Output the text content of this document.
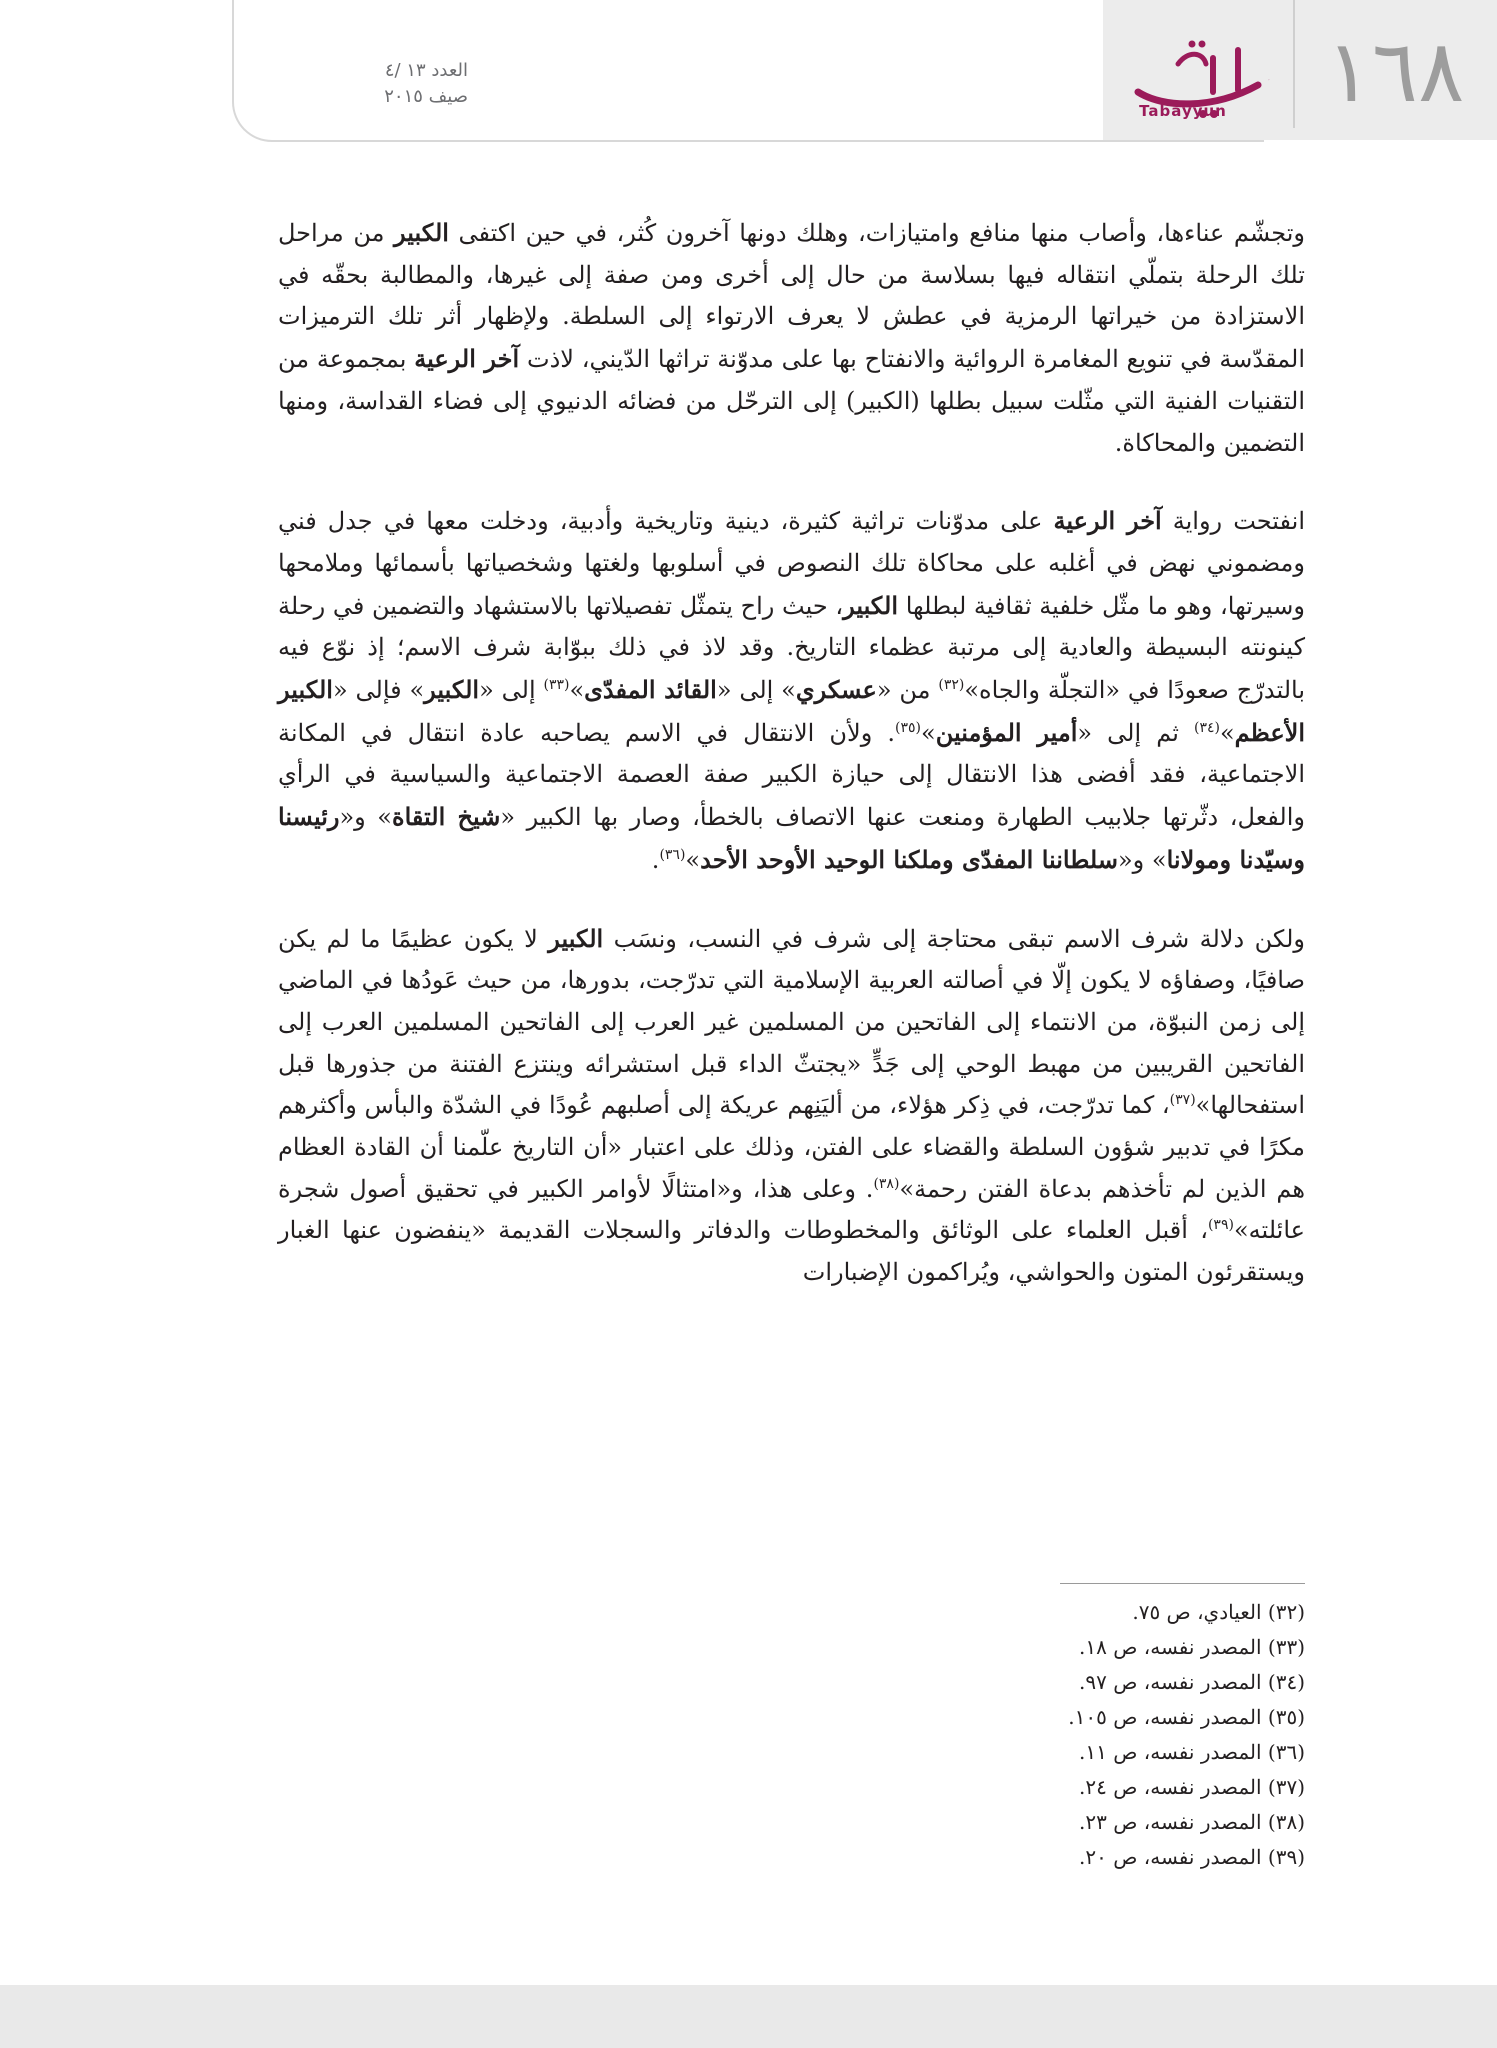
العدد ١٣ /٤
صيف ٢٠١٥
تبيّن
Tabayyun ١٦٨

وتجشّم عناءها، وأصاب منها منافع وامتيازات، وهلك دونها آخرون كُثر، في حين اكتفى الكبير من مراحل تلك الرحلة بتملّي انتقاله فيها بسلاسة من حال إلى أخرى ومن صفة إلى غيرها، والمطالبة بحقّه في الاستزادة من خيراتها الرمزية في عطش لا يعرف الارتواء إلى السلطة. ولإظهار أثر تلك الترميزات المقدّسة في تنويع المغامرة الروائية والانفتاح بها على مدوّنة تراثها الدّيني، لاذت آخر الرعية بمجموعة من التقنيات الفنية التي مثّلت سبيل بطلها (الكبير) إلى الترحّل من فضائه الدنيوي إلى فضاء القداسة، ومنها التضمين والمحاكاة.

انفتحت رواية آخر الرعية على مدوّنات تراثية كثيرة، دينية وتاريخية وأدبية، ودخلت معها في جدل فني ومضموني نهض في أغلبه على محاكاة تلك النصوص في أسلوبها ولغتها وشخصياتها بأسمائها وملامحها وسيرتها، وهو ما مثّل خلفية ثقافية لبطلها الكبير، حيث راح يتمثّل تفصيلاتها بالاستشهاد والتضمين في رحلة كينونته البسيطة والعادية إلى مرتبة عظماء التاريخ. وقد لاذ في ذلك ببوّابة شرف الاسم؛ إذ نوّع فيه بالتدرّج صعودًا في «التجلّة والجاه»$^{(٣٢)}$ من «عسكري» إلى «القائد المفدّى»$^{(٣٣)}$ إلى «الكبير» فإلى «الكبير الأعظم»$^{(٣٤)}$ ثم إلى «أمير المؤمنين»$^{(٣٥)}$. ولأن الانتقال في الاسم يصاحبه عادة انتقال في المكانة الاجتماعية، فقد أفضى هذا الانتقال إلى حيازة الكبير صفة العصمة الاجتماعية والسياسية في الرأي والفعل، دثّرتها جلابيب الطهارة ومنعت عنها الاتصاف بالخطأ، وصار بها الكبير «شيخ التقاة» و«رئيسنا وسيّدنا ومولانا» و«سلطاننا المفدّى وملكنا الوحيد الأوحد الأحد»$^{(٣٦)}$.

ولكن دلالة شرف الاسم تبقى محتاجة إلى شرف في النسب، ونسَب الكبير لا يكون عظيمًا ما لم يكن صافيًا، وصفاؤه لا يكون إلّا في أصالته العربية الإسلامية التي تدرّجت، بدورها، من حيث عَودُها في الماضي إلى زمن النبوّة، من الانتماء إلى الفاتحين من المسلمين غير العرب إلى الفاتحين المسلمين العرب إلى الفاتحين القريبين من مهبط الوحي إلى جَدٍّ «يجتثّ الداء قبل استشرائه وينتزع الفتنة من جذورها قبل استفحالها»$^{(٣٧)}$، كما تدرّجت، في ذِكر هؤلاء، من أليَنِهم عريكة إلى أصلبهم عُودًا في الشدّة والبأس وأكثرهم مكرًا في تدبير شؤون السلطة والقضاء على الفتن، وذلك على اعتبار «أن التاريخ علّمنا أن القادة العظام هم الذين لم تأخذهم بدعاة الفتن رحمة»$^{(٣٨)}$. وعلى هذا، و«امتثالًا لأوامر الكبير في تحقيق أصول شجرة عائلته»$^{(٣٩)}$، أقبل العلماء على الوثائق والمخطوطات والدفاتر والسجلات القديمة «ينفضون عنها الغبار ويستقرئون المتون والحواشي، ويُراكمون الإضبارات

(٣٢) العيادي، ص ٧٥.
(٣٣) المصدر نفسه، ص ١٨.
(٣٤) المصدر نفسه، ص ٩٧.
(٣٥) المصدر نفسه، ص ١٠٥.
(٣٦) المصدر نفسه، ص ١١.
(٣٧) المصدر نفسه، ص ٢٤.
(٣٨) المصدر نفسه، ص ٢٣.
(٣٩) المصدر نفسه، ص ٢٠.
